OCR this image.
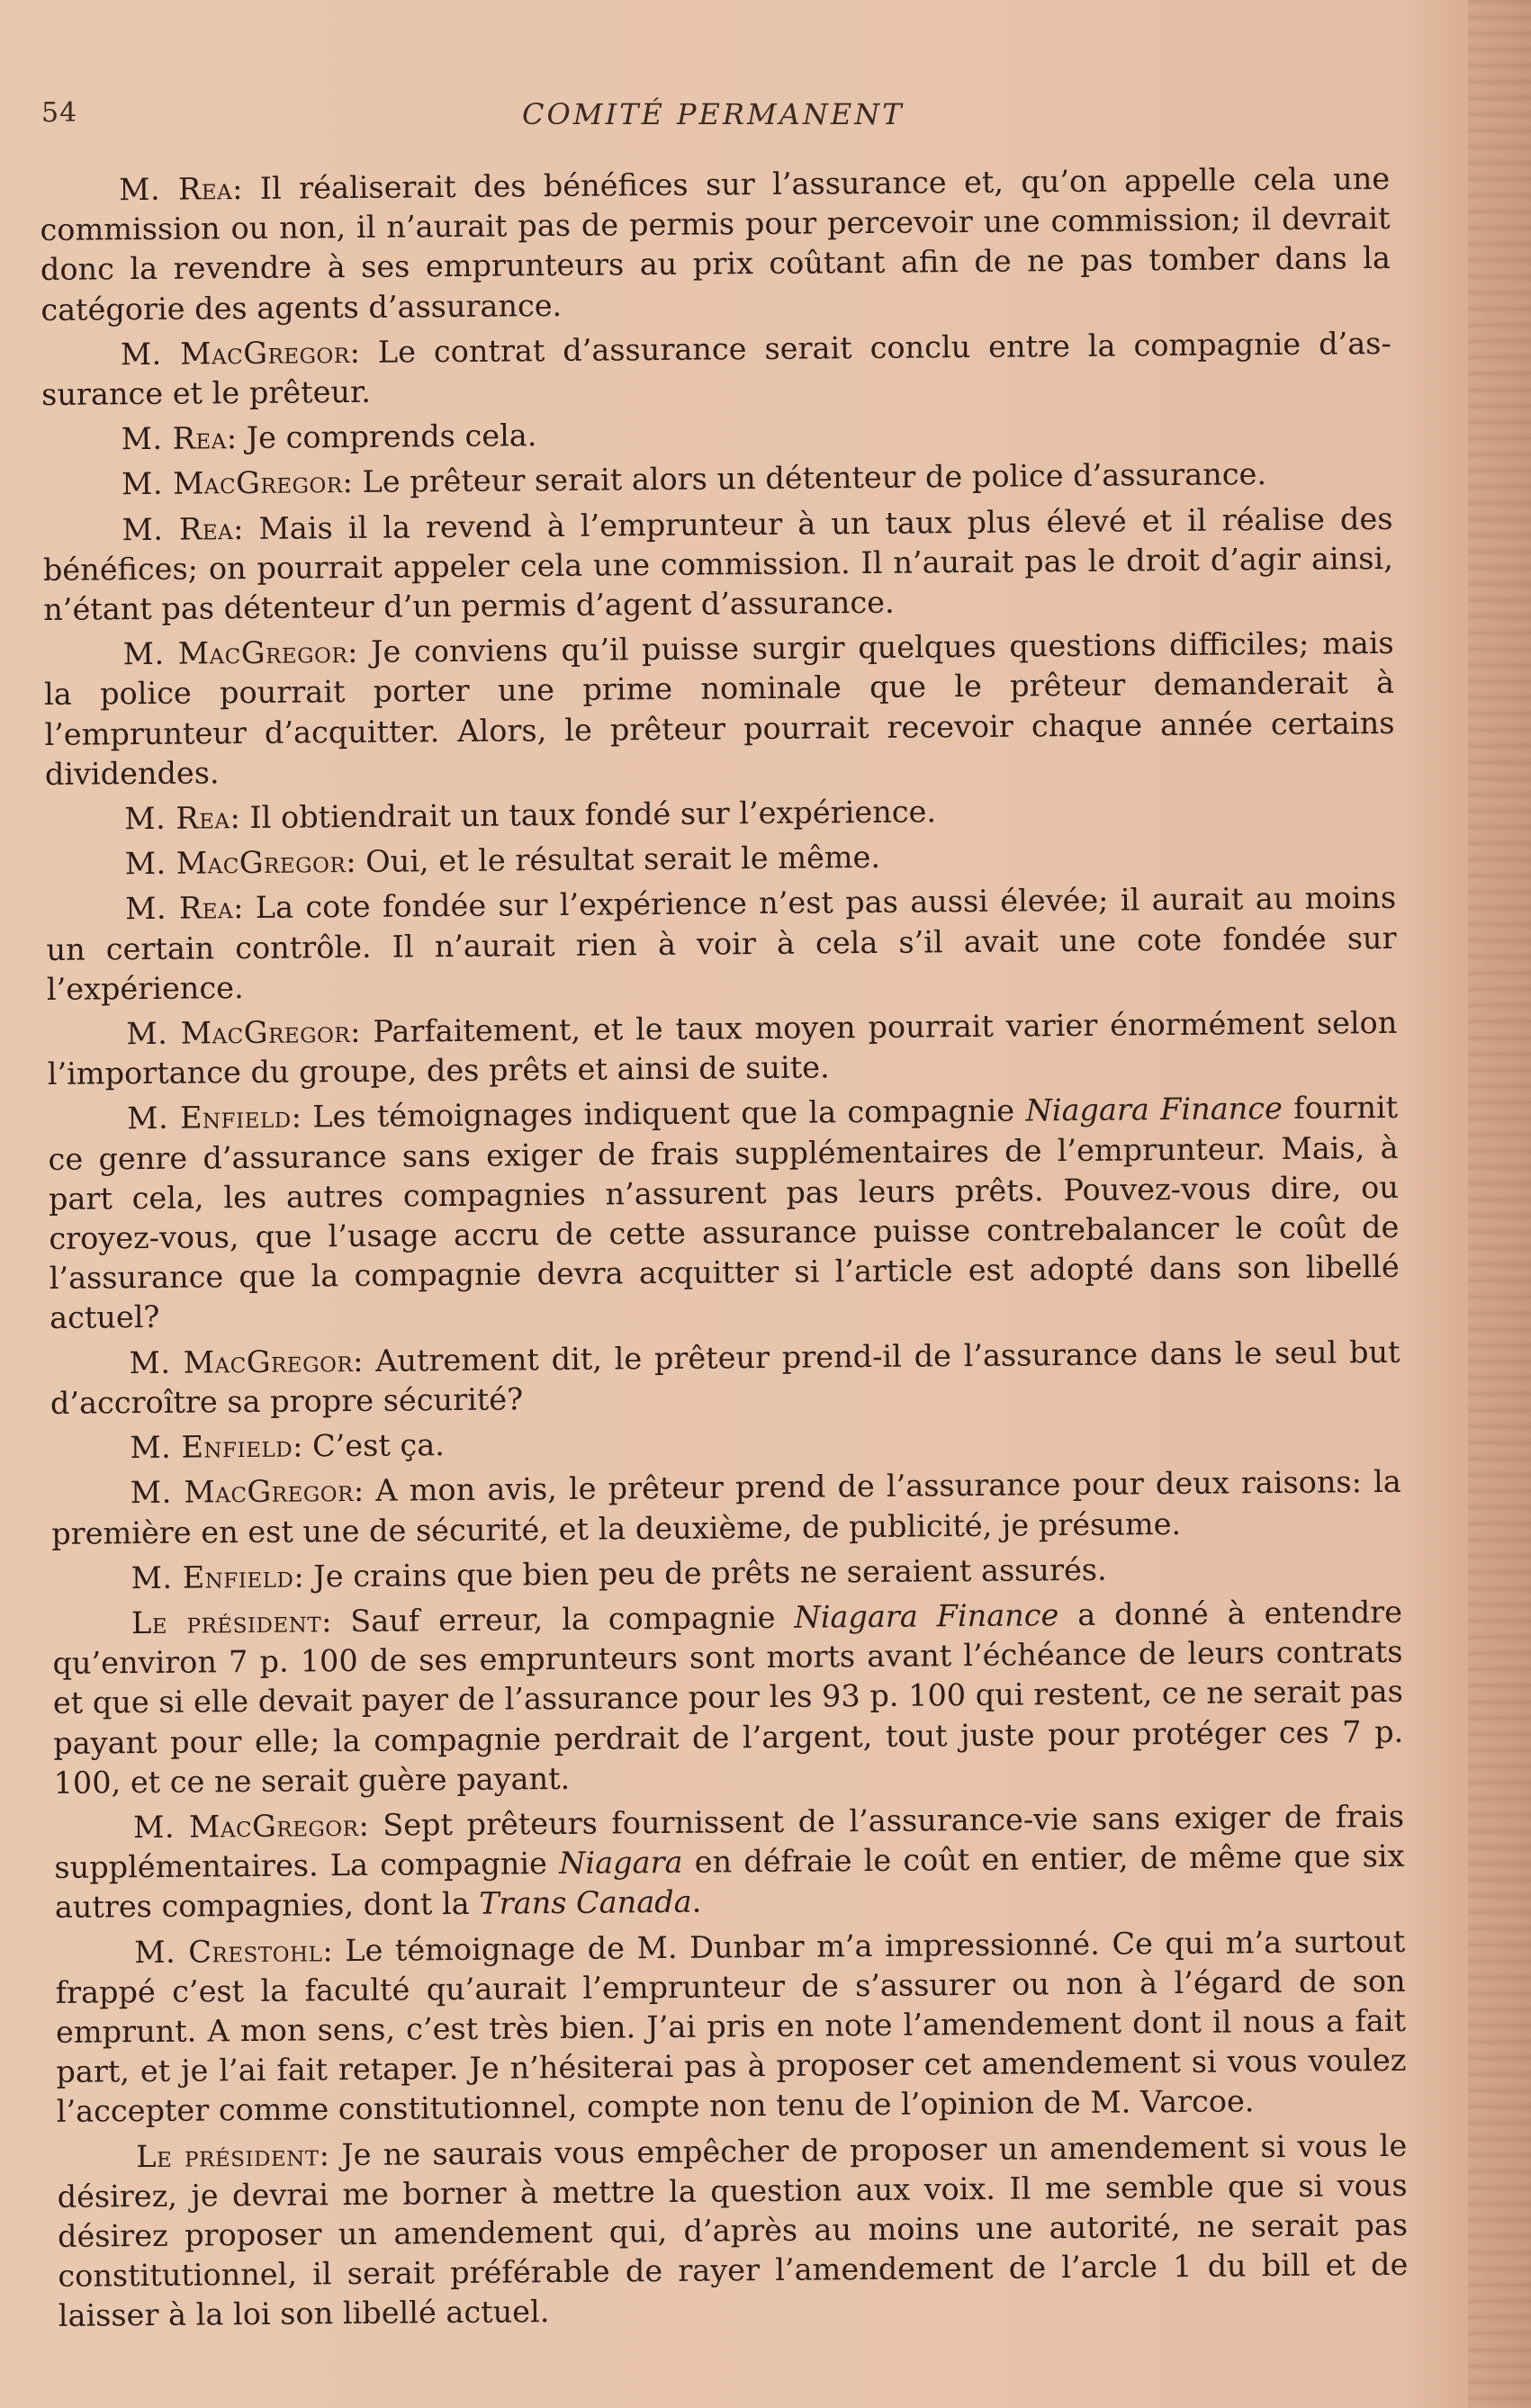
54	COMITÉ PERMANENT

M. Rea: Il réaliserait des bénéfices sur l’assurance et, qu’on appelle cela une commission ou non, il n’aurait pas de permis pour percevoir une commission; il devrait donc la revendre à ses emprunteurs au prix coûtant afin de ne pas tomber dans la catégorie des agents d’assurance.

M. MacGregor: Le contrat d’assurance serait conclu entre la compagnie d’assurance et le prêteur.

M. Rea: Je comprends cela.

M. MacGregor: Le prêteur serait alors un détenteur de police d’assurance.

M. Rea: Mais il la revend à l’emprunteur à un taux plus élevé et il réalise des bénéfices; on pourrait appeler cela une commission. Il n’aurait pas le droit d’agir ainsi, n’étant pas détenteur d’un permis d’agent d’assurance.

M. MacGregor: Je conviens qu’il puisse surgir quelques questions difficiles; mais la police pourrait porter une prime nominale que le prêteur demanderait à l’emprunteur d’acquitter. Alors, le prêteur pourrait recevoir chaque année certains dividendes.

M. Rea: Il obtiendrait un taux fondé sur l’expérience.

M. MacGregor: Oui, et le résultat serait le même.

M. Rea: La cote fondée sur l’expérience n’est pas aussi élevée; il aurait au moins un certain contrôle. Il n’aurait rien à voir à cela s’il avait une cote fondée sur l’expérience.

M. MacGregor: Parfaitement, et le taux moyen pourrait varier énormément selon l’importance du groupe, des prêts et ainsi de suite.

M. Enfield: Les témoignages indiquent que la compagnie Niagara Finance fournit ce genre d’assurance sans exiger de frais supplémentaires de l’emprunteur. Mais, à part cela, les autres compagnies n’assurent pas leurs prêts. Pouvez-vous dire, ou croyez-vous, que l’usage accru de cette assurance puisse contrebalancer le coût de l’assurance que la compagnie devra acquitter si l’article est adopté dans son libellé actuel?

M. MacGregor: Autrement dit, le prêteur prend-il de l’assurance dans le seul but d’accroître sa propre sécurité?

M. Enfield: C’est ça.

M. MacGregor: A mon avis, le prêteur prend de l’assurance pour deux raisons: la première en est une de sécurité, et la deuxième, de publicité, je présume.

M. Enfield: Je crains que bien peu de prêts ne seraient assurés.

Le président: Sauf erreur, la compagnie Niagara Finance a donné à entendre qu’environ 7 p. 100 de ses emprunteurs sont morts avant l’échéance de leurs contrats et que si elle devait payer de l’assurance pour les 93 p. 100 qui restent, ce ne serait pas payant pour elle; la compagnie perdrait de l’argent, tout juste pour protéger ces 7 p. 100, et ce ne serait guère payant.

M. MacGregor: Sept prêteurs fournissent de l’assurance-vie sans exiger de frais supplémentaires. La compagnie Niagara en défraie le coût en entier, de même que six autres compagnies, dont la Trans Canada.

M. Crestohl: Le témoignage de M. Dunbar m’a impressionné. Ce qui m’a surtout frappé c’est la faculté qu’aurait l’emprunteur de s’assurer ou non à l’égard de son emprunt. A mon sens, c’est très bien. J’ai pris en note l’amendement dont il nous a fait part, et je l’ai fait retaper. Je n’hésiterai pas à proposer cet amendement si vous voulez l’accepter comme constitutionnel, compte non tenu de l’opinion de M. Varcoe.

Le président: Je ne saurais vous empêcher de proposer un amendement si vous le désirez, je devrai me borner à mettre la question aux voix. Il me semble que si vous désirez proposer un amendement qui, d’après au moins une autorité, ne serait pas constitutionnel, il serait préférable de rayer l’amendement de l’arcle 1 du bill et de laisser à la loi son libellé actuel.
